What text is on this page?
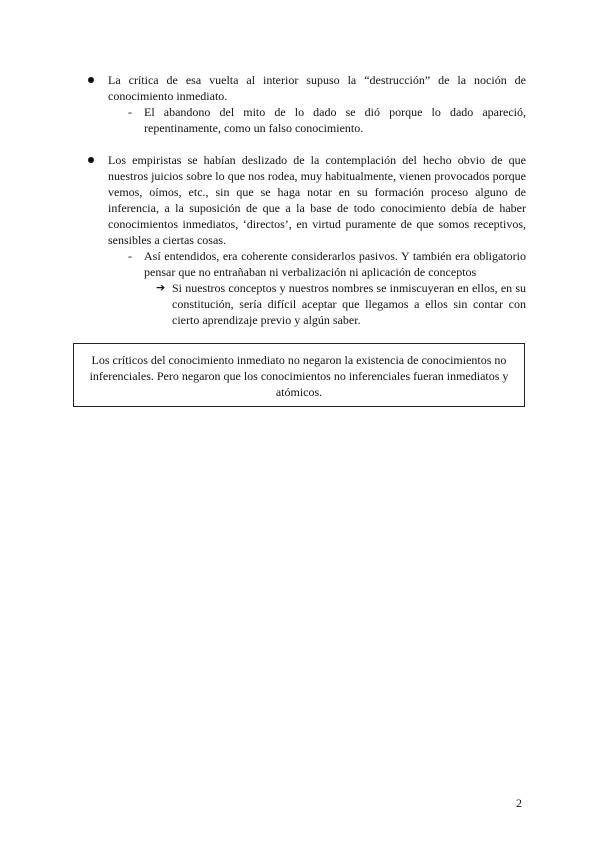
La crítica de esa vuelta al interior supuso la “destrucción” de la noción de conocimiento inmediato.
- El abandono del mito de lo dado se dió porque lo dado apareció, repentinamente, como un falso conocimiento.
Los empiristas se habían deslizado de la contemplación del hecho obvio de que nuestros juicios sobre lo que nos rodea, muy habitualmente, vienen provocados porque vemos, oímos, etc., sin que se haga notar en su formación proceso alguno de inferencia, a la suposición de que a la base de todo conocimiento debía de haber conocimientos inmediatos, ‘directos’, en virtud puramente de que somos receptivos, sensibles a ciertas cosas.
- Así entendidos, era coherente considerarlos pasivos. Y también era obligatorio pensar que no entrañaban ni verbalización ni aplicación de conceptos
➔ Si nuestros conceptos y nuestros nombres se inmiscuyeran en ellos, en su constitución, sería difícil aceptar que llegamos a ellos sin contar con cierto aprendizaje previo y algún saber.
Los críticos del conocimiento inmediato no negaron la existencia de conocimientos no inferenciales. Pero negaron que los conocimientos no inferenciales fueran inmediatos y atómicos.
2
